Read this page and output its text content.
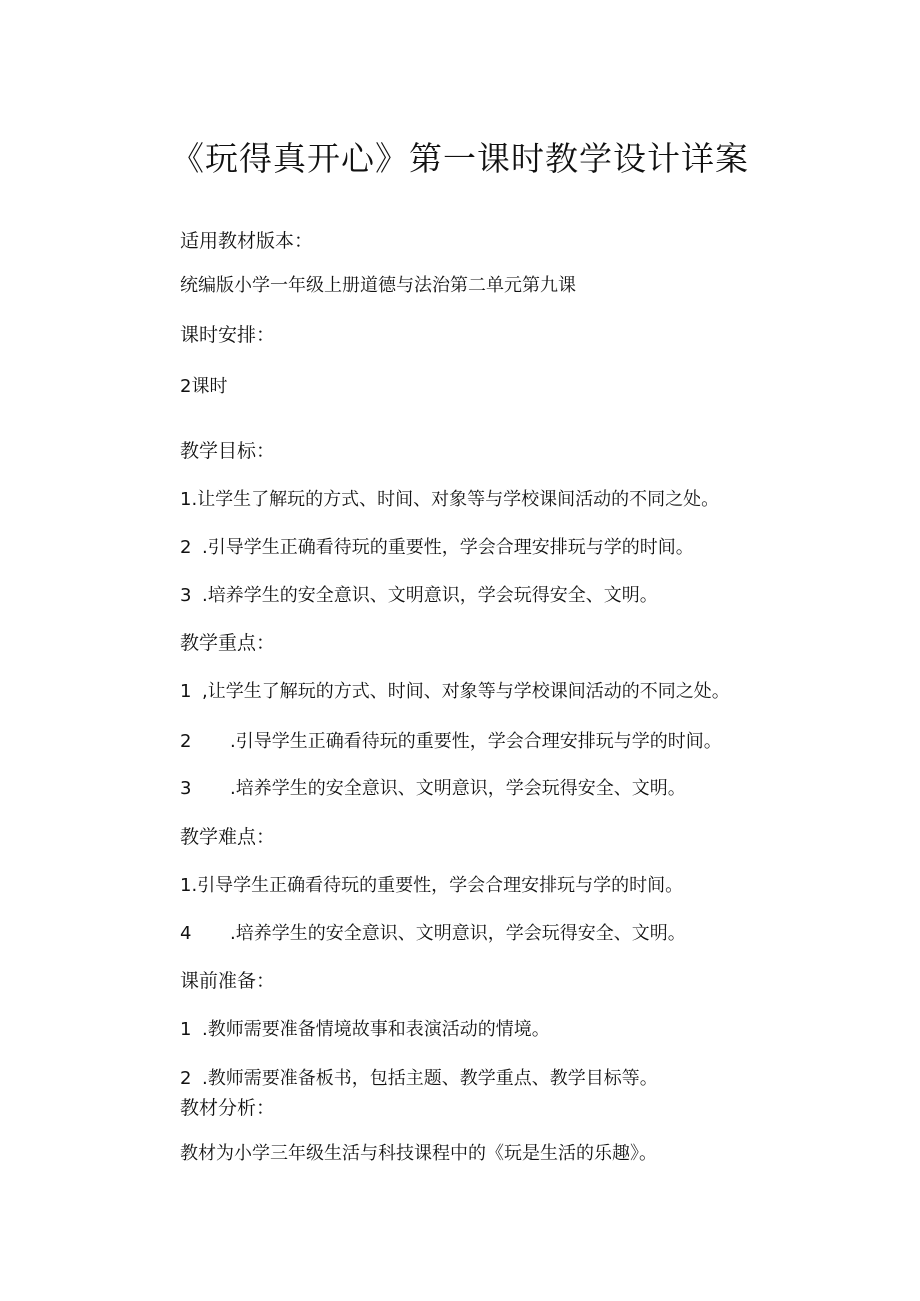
《玩得真开心》第一课时教学设计详案
适用教材版本：
统编版小学一年级上册道德与法治第二单元第九课
课时安排：
2课时
教学目标：
1.让学生了解玩的方式、时间、对象等与学校课间活动的不同之处。
2 .引导学生正确看待玩的重要性，学会合理安排玩与学的时间。
3 .培养学生的安全意识、文明意识，学会玩得安全、文明。
教学重点：
1 ,让学生了解玩的方式、时间、对象等与学校课间活动的不同之处。
2 .引导学生正确看待玩的重要性，学会合理安排玩与学的时间。
3 .培养学生的安全意识、文明意识，学会玩得安全、文明。
教学难点：
1.引导学生正确看待玩的重要性，学会合理安排玩与学的时间。
4 .培养学生的安全意识、文明意识，学会玩得安全、文明。
课前准备：
1 .教师需要准备情境故事和表演活动的情境。
2 .教师需要准备板书，包括主题、教学重点、教学目标等。
教材分析：
教材为小学三年级生活与科技课程中的《玩是生活的乐趣》。
